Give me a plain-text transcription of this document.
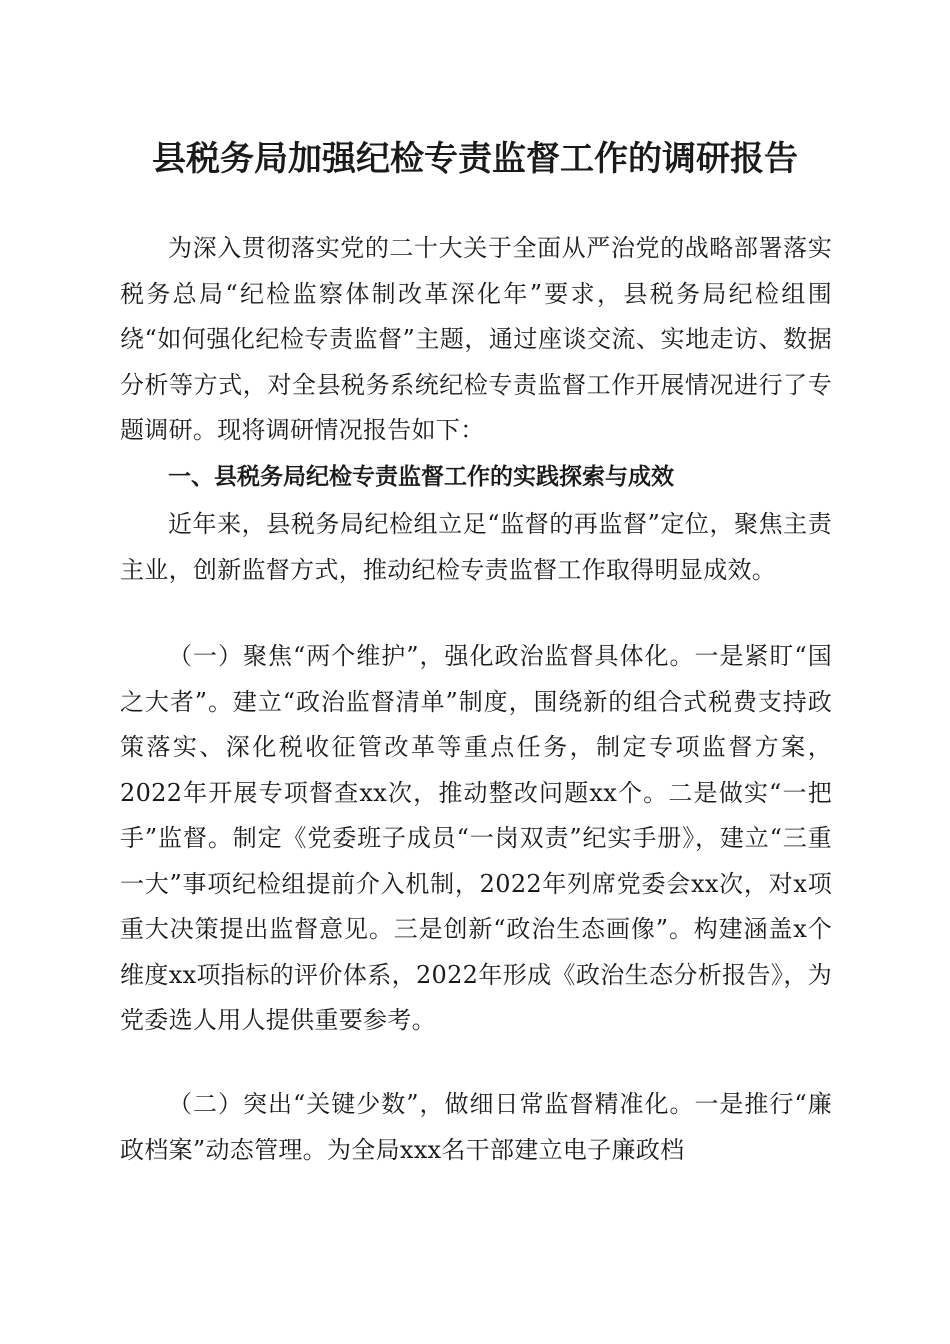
县税务局加强纪检专责监督工作的调研报告

为深入贯彻落实党的二十大关于全面从严治党的战略部署落实税务总局“纪检监察体制改革深化年”要求，县税务局纪检组围绕“如何强化纪检专责监督”主题，通过座谈交流、实地走访、数据分析等方式，对全县税务系统纪检专责监督工作开展情况进行了专题调研。现将调研情况报告如下：

一、县税务局纪检专责监督工作的实践探索与成效

近年来，县税务局纪检组立足“监督的再监督”定位，聚焦主责主业，创新监督方式，推动纪检专责监督工作取得明显成效。

（一）聚焦“两个维护”，强化政治监督具体化。一是紧盯“国之大者”。建立“政治监督清单”制度，围绕新的组合式税费支持政策落实、深化税收征管改革等重点任务，制定专项监督方案，2022年开展专项督查xx次，推动整改问题xx个。二是做实“一把手”监督。制定《党委班子成员“一岗双责”纪实手册》，建立“三重一大”事项纪检组提前介入机制，2022年列席党委会xx次，对x项重大决策提出监督意见。三是创新“政治生态画像”。构建涵盖x个维度xx项指标的评价体系，2022年形成《政治生态分析报告》，为党委选人用人提供重要参考。

（二）突出“关键少数”，做细日常监督精准化。一是推行“廉政档案”动态管理。为全局xxx名干部建立电子廉政档
